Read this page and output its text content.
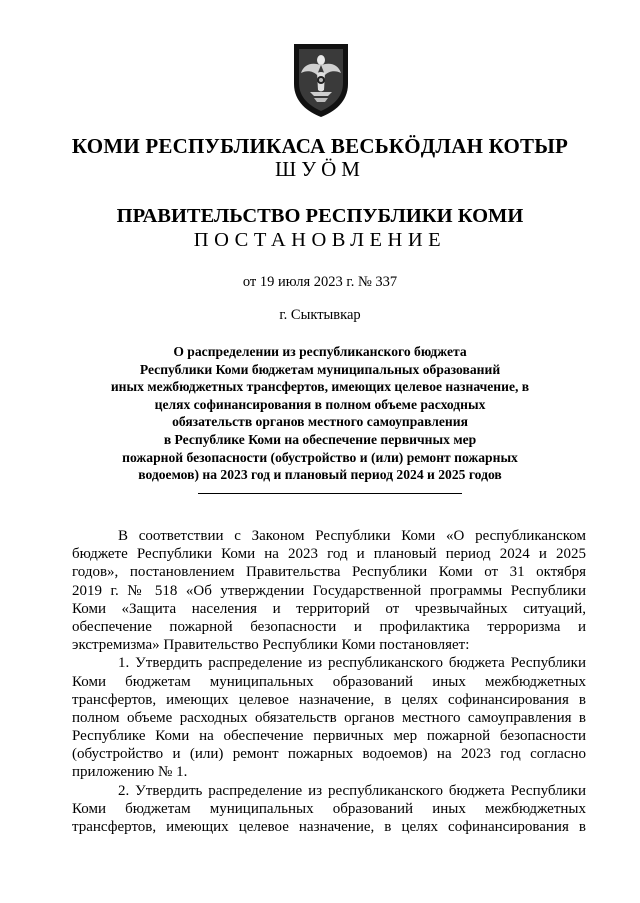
КОМИ РЕСПУБЛИКАСА ВЕСЬКӦДЛАН КОТЫР
ШУӦМ
ПРАВИТЕЛЬСТВО РЕСПУБЛИКИ КОМИ
ПОСТАНОВЛЕНИЕ
от 19 июля 2023 г. № 337
г. Сыктывкар
О распределении из республиканского бюджета
Республики Коми бюджетам муниципальных образований
иных межбюджетных трансфертов, имеющих целевое назначение, в
целях софинансирования в полном объеме расходных
обязательств органов местного самоуправления
в Республике Коми на обеспечение первичных мер
пожарной безопасности (обустройство и (или) ремонт пожарных
водоемов) на 2023 год и плановый период 2024 и 2025 годов
В соответствии с Законом Республики Коми «О республиканском
бюджете Республики Коми на 2023 год и плановый период 2024 и 2025
годов», постановлением Правительства Республики Коми от 31 октября
2019 г. № 518 «Об утверждении Государственной программы Республики
Коми «Защита населения и территорий от чрезвычайных ситуаций,
обеспечение пожарной безопасности и профилактика терроризма и
экстремизма» Правительство Республики Коми постановляет:
1. Утвердить распределение из республиканского бюджета Республики
Коми бюджетам муниципальных образований иных межбюджетных
трансфертов, имеющих целевое назначение, в целях софинансирования в
полном объеме расходных обязательств органов местного самоуправления в
Республике Коми на обеспечение первичных мер пожарной безопасности
(обустройство и (или) ремонт пожарных водоемов) на 2023 год согласно
приложению № 1.
2. Утвердить распределение из республиканского бюджета Республики
Коми бюджетам муниципальных образований иных межбюджетных
трансфертов, имеющих целевое назначение, в целях софинансирования в
